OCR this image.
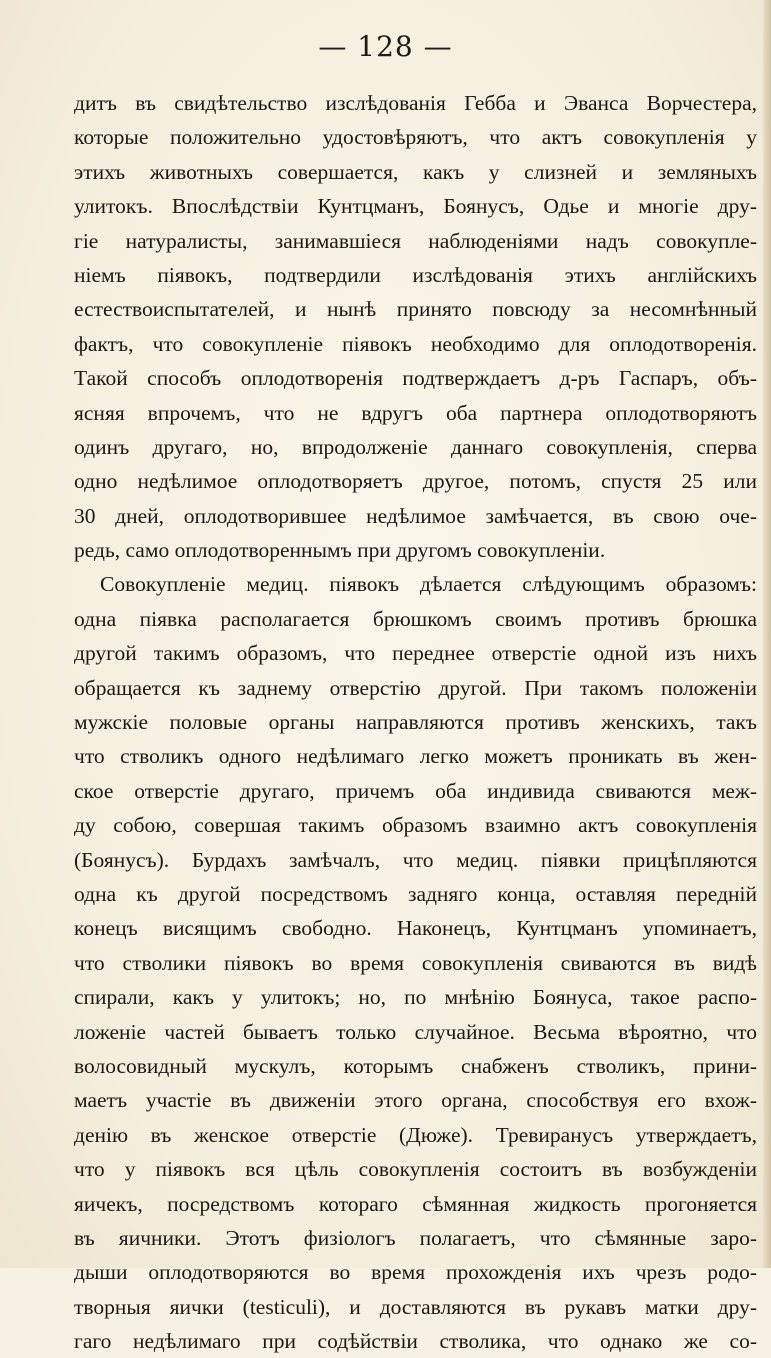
— 128 —
дитъ въ свидѣтельство изслѣдованія Гебба и Эванса Ворчестера,
которые положительно удостовѣряютъ, что актъ совокупленія у
этихъ животныхъ совершается, какъ у слизней и земляныхъ
улитокъ. Впослѣдствіи Кунтцманъ, Боянусъ, Одье и многіе дру-
гіе натуралисты, занимавшіеся наблюденіями надъ совокупле-
ніемъ піявокъ, подтвердили изслѣдованія этихъ англійскихъ
естествоиспытателей, и нынѣ принято повсюду за несомнѣнный
фактъ, что совокупленіе піявокъ необходимо для оплодотворенія.
Такой способъ оплодотворенія подтверждаетъ д-ръ Гаспаръ, объ-
ясняя впрочемъ, что не вдругъ оба партнера оплодотворяютъ
одинъ другаго, но, впродолженіе даннаго совокупленія, сперва
одно недѣлимое оплодотворяетъ другое, потомъ, спустя 25 или
30 дней, оплодотворившее недѣлимое замѣчается, въ свою оче-
редь, само оплодотвореннымъ при другомъ совокупленіи.
Совокупленіе медиц. піявокъ дѣлается слѣдующимъ образомъ:
одна піявка располагается брюшкомъ своимъ противъ брюшка
другой такимъ образомъ, что переднее отверстіе одной изъ нихъ
обращается къ заднему отверстію другой. При такомъ положеніи
мужскіе половые органы направляются противъ женскихъ, такъ
что стволикъ одного недѣлимаго легко можетъ проникать въ жен-
ское отверстіе другаго, причемъ оба индивида свиваются меж-
ду собою, совершая такимъ образомъ взаимно актъ совокупленія
(Боянусъ). Бурдахъ замѣчалъ, что медиц. піявки прицѣпляются
одна къ другой посредствомъ задняго конца, оставляя передній
конецъ висящимъ свободно. Наконецъ, Кунтцманъ упоминаетъ,
что стволики піявокъ во время совокупленія свиваются въ видѣ
спирали, какъ у улитокъ; но, по мнѣнію Боянуса, такое распо-
ложеніе частей бываетъ только случайное. Весьма вѣроятно, что
волосовидный мускулъ, которымъ снабженъ стволикъ, прини-
маетъ участіе въ движеніи этого органа, способствуя его вхож-
денію въ женское отверстіе (Дюже). Тревиранусъ утверждаетъ,
что у піявокъ вся цѣль совокупленія состоитъ въ возбужденіи
яичекъ, посредствомъ котораго сѣмянная жидкость прогоняется
въ яичники. Этотъ физіологъ полагаетъ, что сѣмянные заро-
дыши оплодотворяются во время прохожденія ихъ чрезъ родо-
творныя яички (testiculi), и доставляются въ рукавъ матки дру-
гаго недѣлимаго при содѣйствіи стволика, что однако же со-
